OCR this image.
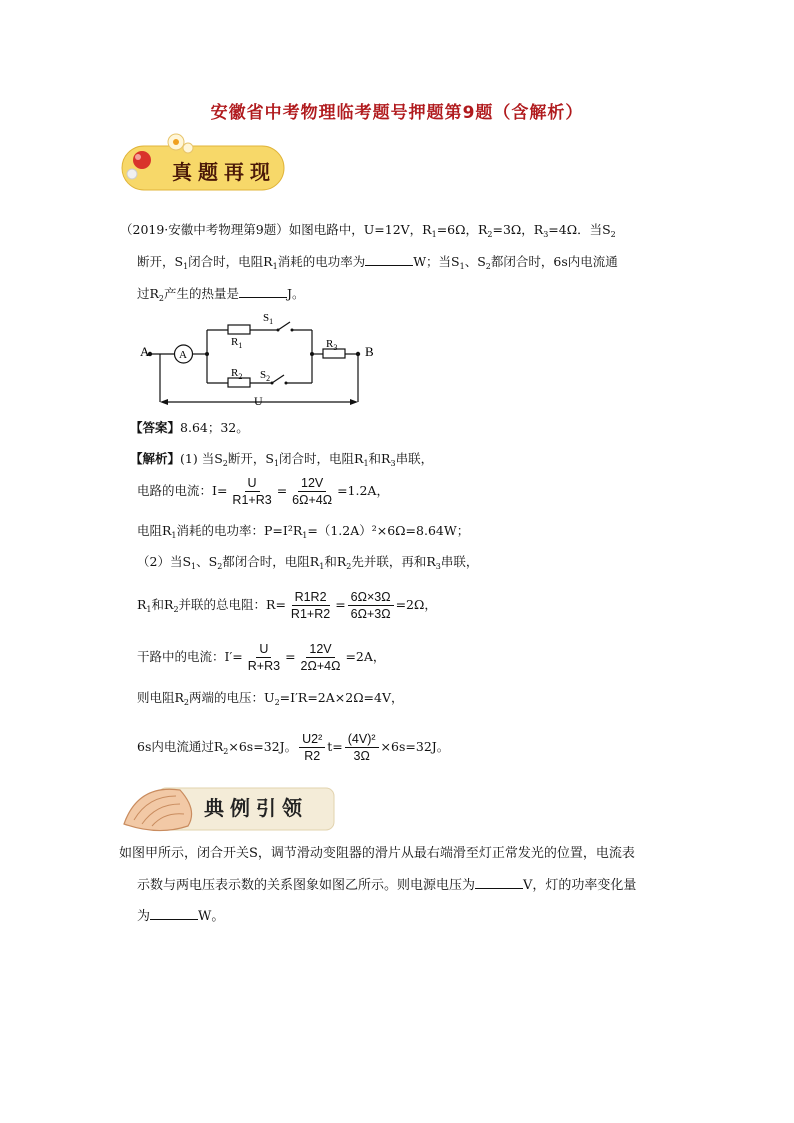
安徽省中考物理临考题号押题第9题（含解析）
真题再现
（2019·安徽中考物理第9题）如图电路中，U=12V，$R_1=6\Omega$，$R_2=3\Omega$，$R_3=4\Omega$．当$S_2$
断开，$S_1$闭合时，电阻$R_1$消耗的电功率为	W；当$S_1$、$S_2$都闭合时，6s内电流通
过$R_2$产生的热量是	J。
A	A	B
$R_1$
$S_1$
$R_2$ $S_2$
$R_3$
U
【答案】8.64；32。
【解析】(1) 当$S_2$断开，$S_1$闭合时，电阻$R_1$和$R_3$串联，
电路的电流：$I= \frac{U}{R1+R3} = \frac{12V}{6\Omega+4\Omega} =1.2A$，
电阻$R_1$消耗的电功率：$P=I^2R_1=(1.2A)^2\times 6\Omega=8.64W$；
（2）当$S_1$、$S_2$都闭合时，电阻$R_1$和$R_2$先并联，再和$R_3$串联，
$R_1$和$R_2$并联的总电阻：$R= \frac{R1R2}{R1+R2} = \frac{6\Omega\times 3\Omega}{6\Omega+3\Omega} =2\Omega$，
干路中的电流：$I'= \frac{U}{R+R3} = \frac{12V}{2\Omega+4\Omega} =2A$，
则电阻$R_2$两端的电压：$U_2=I'R=2A\times 2\Omega=4V$，
6s内电流通过$R_2\times 6s=32J$。 $\frac{\text{U2²}}{R2} t= \frac{\text{(4V)²}}{3\Omega} \times 6s=32J$。
典例引领
如图甲所示，闭合开关S，调节滑动变阻器的滑片从最右端滑至灯正常发光的位置，电流表
示数与两电压表示数的关系图象如图乙所示。则电源电压为	V，灯的功率变化量
为	W。
